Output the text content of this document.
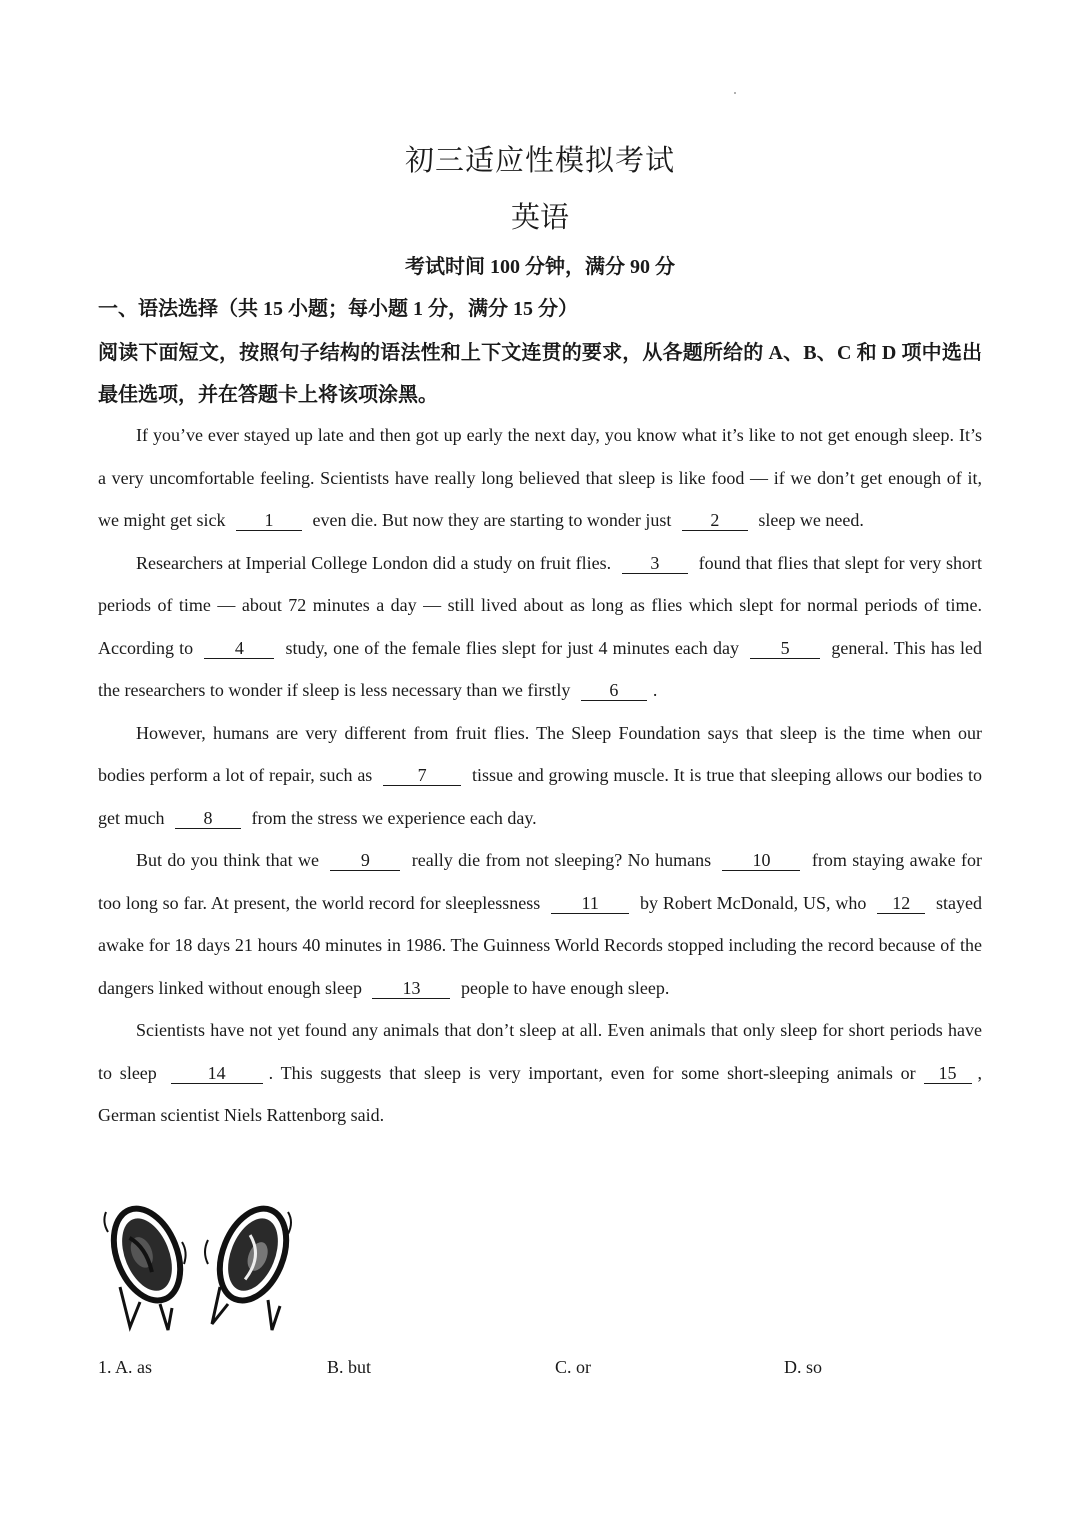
初三适应性模拟考试
英语
考试时间 100 分钟，满分 90 分
一、语法选择（共 15 小题；每小题 1 分，满分 15 分）
阅读下面短文，按照句子结构的语法性和上下文连贯的要求，从各题所给的 A、B、C 和 D 项中选出最佳选项，并在答题卡上将该项涂黑。

If you’ve ever stayed up late and then got up early the next day, you know what it’s like to not get enough sleep. It’s a very uncomfortable feeling. Scientists have really long believed that sleep is like food — if we don’t get enough of it, we might get sick 1 even die. But now they are starting to wonder just 2 sleep we need.

Researchers at Imperial College London did a study on fruit flies. 3 found that flies that slept for very short periods of time — about 72 minutes a day — still lived about as long as flies which slept for normal periods of time. According to 4 study, one of the female flies slept for just 4 minutes each day 5 general. This has led the researchers to wonder if sleep is less necessary than we firstly 6 .

However, humans are very different from fruit flies. The Sleep Foundation says that sleep is the time when our bodies perform a lot of repair, such as	7	tissue and growing muscle. It is true that sleeping allows our bodies to get much 8 from the stress we experience each day.

But do you think that we 9 really die from not sleeping? No humans 10 from staying awake for too long so far. At present, the world record for sleeplessness 11 by Robert McDonald, US, who 12 stayed awake for 18 days 21 hours 40 minutes in 1986. The Guinness World Records stopped including the record because of the dangers linked without enough sleep 13 people to have enough sleep.

Scientists have not yet found any animals that don’t sleep at all. Even animals that only sleep for short periods have to sleep	14 . This suggests that sleep is very important, even for some short-sleeping animals or 15 , German scientist Niels Rattenborg said.

1. A. as	B. but	C. or	D. so
